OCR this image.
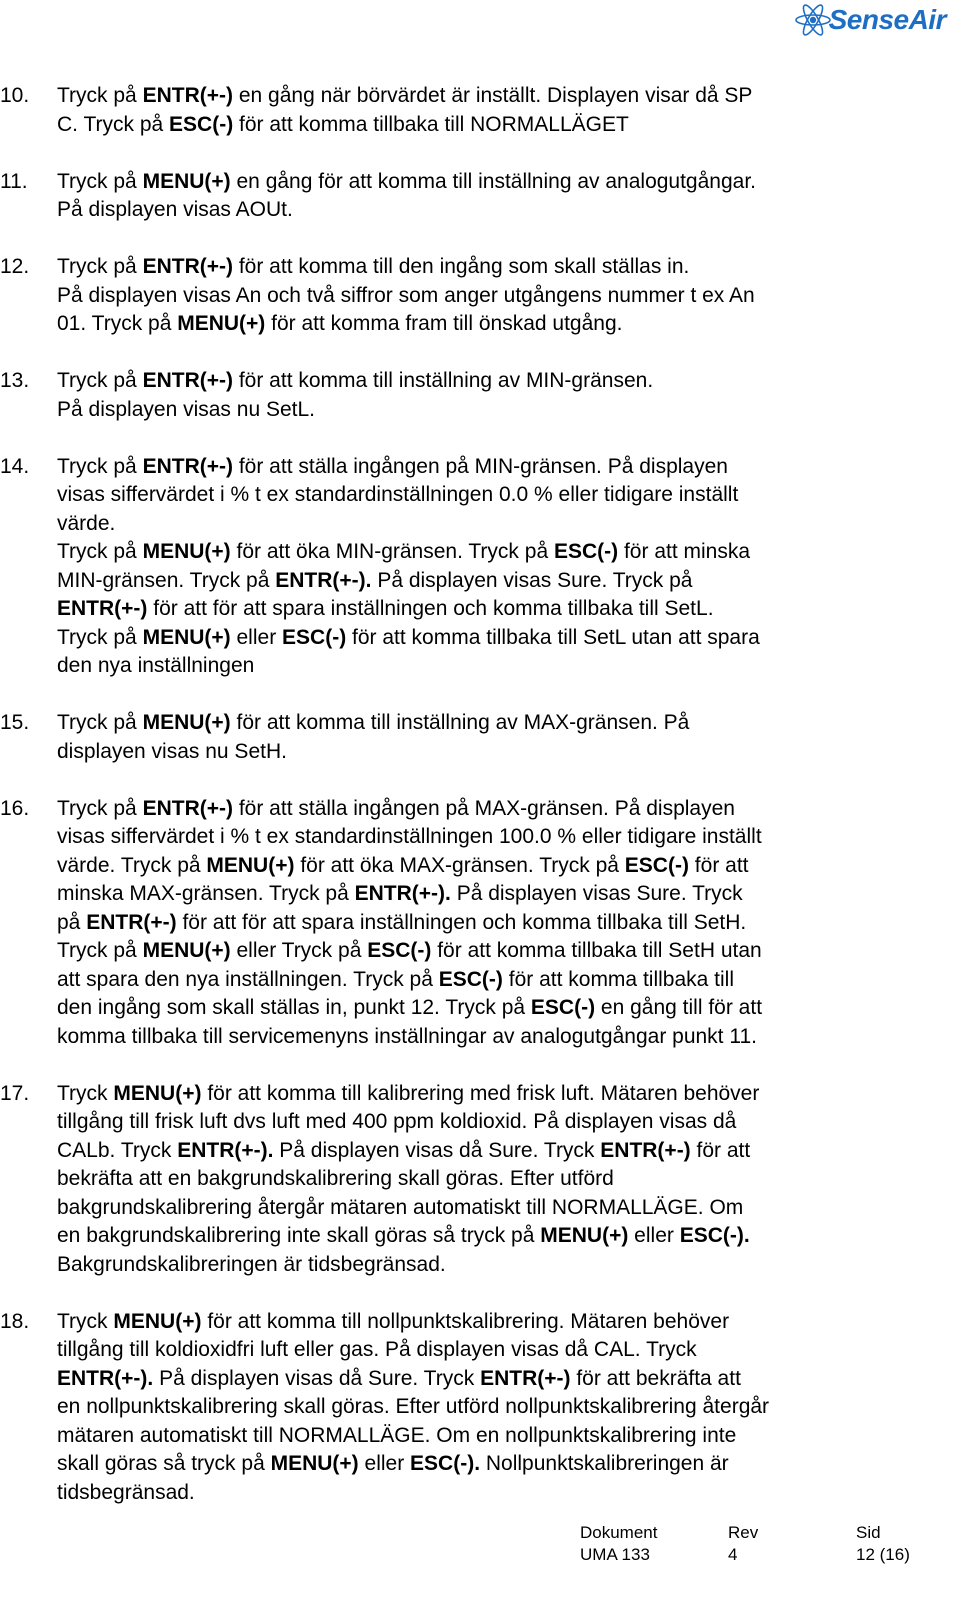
SenseAir
10. Tryck på ENTR(+-) en gång när börvärdet är inställt. Displayen visar då SP
C. Tryck på ESC(-) för att komma tillbaka till NORMALLÄGET
11. Tryck på MENU(+) en gång för att komma till inställning av analogutgångar.
På displayen visas AOUt.
12. Tryck på ENTR(+-) för att komma till den ingång som skall ställas in.
På displayen visas An och två siffror som anger utgångens nummer t ex An
01. Tryck på MENU(+) för att komma fram till önskad utgång.
13. Tryck på ENTR(+-) för att komma till inställning av MIN-gränsen.
På displayen visas nu SetL.
14. Tryck på ENTR(+-) för att ställa ingången på MIN-gränsen. På displayen
visas siffervärdet i % t ex standardinställningen 0.0 % eller tidigare inställt
värde.
Tryck på MENU(+) för att öka MIN-gränsen. Tryck på ESC(-) för att minska
MIN-gränsen. Tryck på ENTR(+-). På displayen visas Sure. Tryck på
ENTR(+-) för att för att spara inställningen och komma tillbaka till SetL.
Tryck på MENU(+) eller ESC(-) för att komma tillbaka till SetL utan att spara
den nya inställningen
15. Tryck på MENU(+) för att komma till inställning av MAX-gränsen. På
displayen visas nu SetH.
16. Tryck på ENTR(+-) för att ställa ingången på MAX-gränsen. På displayen
visas siffervärdet i % t ex standardinställningen 100.0 % eller tidigare inställt
värde. Tryck på MENU(+) för att öka MAX-gränsen. Tryck på ESC(-) för att
minska MAX-gränsen. Tryck på ENTR(+-). På displayen visas Sure. Tryck
på ENTR(+-) för att för att spara inställningen och komma tillbaka till SetH.
Tryck på MENU(+) eller Tryck på ESC(-) för att komma tillbaka till SetH utan
att spara den nya inställningen. Tryck på ESC(-) för att komma tillbaka till
den ingång som skall ställas in, punkt 12. Tryck på ESC(-) en gång till för att
komma tillbaka till servicemenyns inställningar av analogutgångar punkt 11.
17. Tryck MENU(+) för att komma till kalibrering med frisk luft. Mätaren behöver
tillgång till frisk luft dvs luft med 400 ppm koldioxid. På displayen visas då
CALb. Tryck ENTR(+-). På displayen visas då Sure. Tryck ENTR(+-) för att
bekräfta att en bakgrundskalibrering skall göras. Efter utförd
bakgrundskalibrering återgår mätaren automatiskt till NORMALLÄGE. Om
en bakgrundskalibrering inte skall göras så tryck på MENU(+) eller ESC(-).
Bakgrundskalibreringen är tidsbegränsad.
18. Tryck MENU(+) för att komma till nollpunktskalibrering. Mätaren behöver
tillgång till koldioxidfri luft eller gas. På displayen visas då CAL. Tryck
ENTR(+-). På displayen visas då Sure. Tryck ENTR(+-) för att bekräfta att
en nollpunktskalibrering skall göras. Efter utförd nollpunktskalibrering återgår
mätaren automatiskt till NORMALLÄGE. Om en nollpunktskalibrering inte
skall göras så tryck på MENU(+) eller ESC(-). Nollpunktskalibreringen är
tidsbegränsad.
Dokument	Rev	Sid
UMA 133	4	12 (16)
